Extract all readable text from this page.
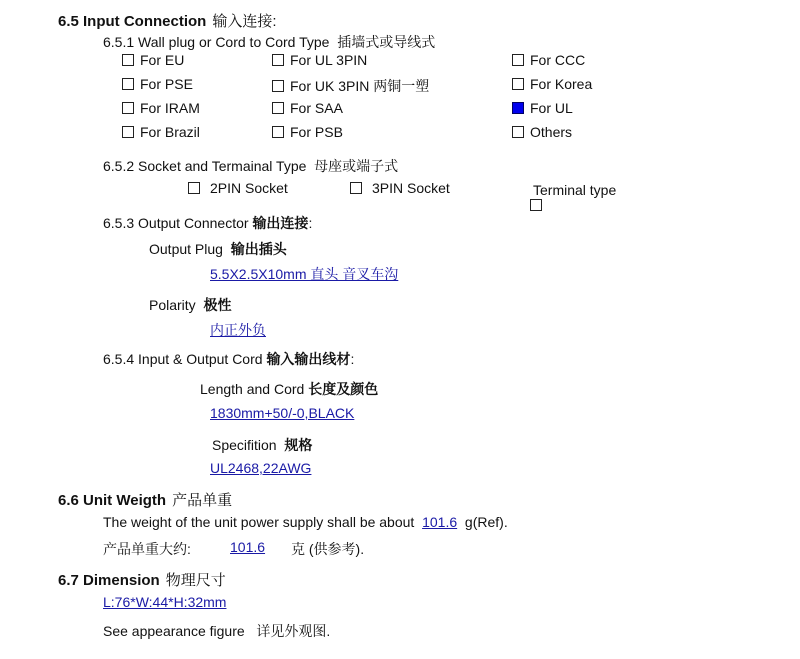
6.5 Input Connection 输入连接:
6.5.1 Wall plug or Cord to Cord Type 插墙式或导线式
For EU	For UL 3PIN	For CCC
For PSE	For UK 3PIN 两铜一塑	For Korea
For IRAM	For SAA	For UL
For Brazil	For PSB	Others
6.5.2 Socket and Termainal Type 母座或端子式
2PIN Socket	3PIN Socket	Terminal type
6.5.3 Output Connector 输出连接:
Output Plug 输出插头
5.5X2.5X10mm 直头 音叉车沟
Polarity 极性
内正外负
6.5.4 Input & Output Cord 输入输出线材:
Length and Cord 长度及颜色
1830mm+50/-0,BLACK
Specifition 规格
UL2468,22AWG
6.6 Unit Weigth 产品单重
The weight of the unit power supply shall be about 101.6 g(Ref).
产品单重大约:	101.6 克 (供参考).
6.7 Dimension 物理尺寸
L:76*W:44*H:32mm
See appearance figure 详见外观图.
